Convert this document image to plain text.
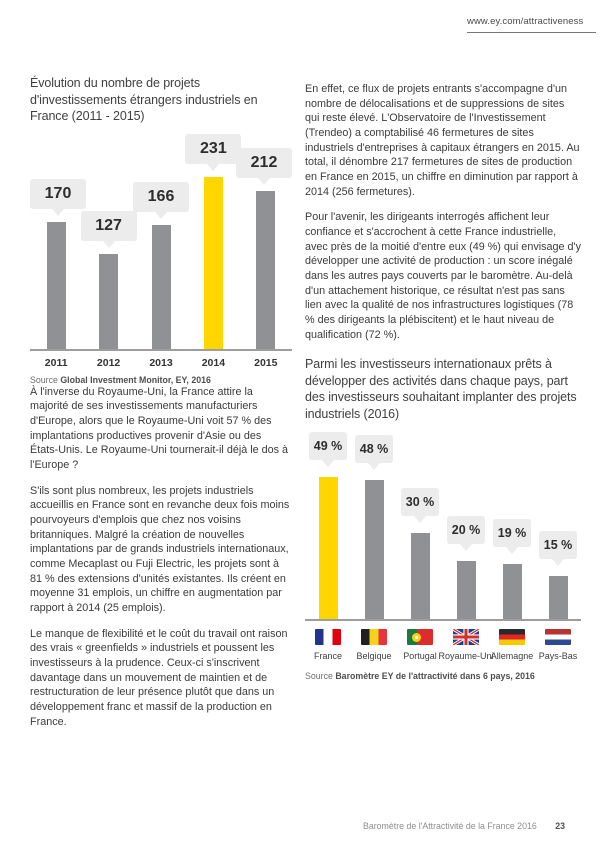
www.ey.com/attractiveness
Évolution du nombre de projets d'investissements étrangers industriels en France (2011 - 2015)
170
127
166
231
212
2011	2012	2013	2014	2015
Source Global Investment Monitor, EY, 2016

À l'inverse du Royaume-Uni, la France attire la majorité de ses investissements manufacturiers d'Europe, alors que le Royaume-Uni voit 57 % des implantations productives provenir d'Asie ou des États-Unis. Le Royaume-Uni tournerait-il déjà le dos à l'Europe ?

S'ils sont plus nombreux, les projets industriels accueillis en France sont en revanche deux fois moins pourvoyeurs d'emplois que chez nos voisins britanniques. Malgré la création de nouvelles implantations par de grands industriels internationaux, comme Mecaplast ou Fuji Electric, les projets sont à 81 % des extensions d'unités existantes. Ils créent en moyenne 31 emplois, un chiffre en augmentation par rapport à 2014 (25 emplois).

Le manque de flexibilité et le coût du travail ont raison des vrais « greenfields » industriels et poussent les investisseurs à la prudence. Ceux-ci s'inscrivent davantage dans un mouvement de maintien et de restructuration de leur présence plutôt que dans un développement franc et massif de la production en France.

En effet, ce flux de projets entrants s'accompagne d'un nombre de délocalisations et de suppressions de sites qui reste élevé. L'Observatoire de l'Investissement (Trendeo) a comptabilisé 46 fermetures de sites industriels d'entreprises à capitaux étrangers en 2015. Au total, il dénombre 217 fermetures de sites de production en France en 2015, un chiffre en diminution par rapport à 2014 (256 fermetures).

Pour l'avenir, les dirigeants interrogés affichent leur confiance et s'accrochent à cette France industrielle, avec près de la moitié d'entre eux (49 %) qui envisage d'y développer une activité de production : un score inégalé dans les autres pays couverts par le baromètre. Au-delà d'un attachement historique, ce résultat n'est pas sans lien avec la qualité de nos infrastructures logistiques (78 % des dirigeants la plébiscitent) et le haut niveau de qualification (72 %).

Parmi les investisseurs internationaux prêts à développer des activités dans chaque pays, part des investisseurs souhaitant implanter des projets industriels (2016)
49 %	48 %
30 %
20 %	19 %
15 %
France Belgique Portugal Royaume-Uni
Allemagne Pays-Bas
Source Baromètre EY de l'attractivité dans 6 pays, 2016
Baromètre de l'Attractivité de la France 2016 23
